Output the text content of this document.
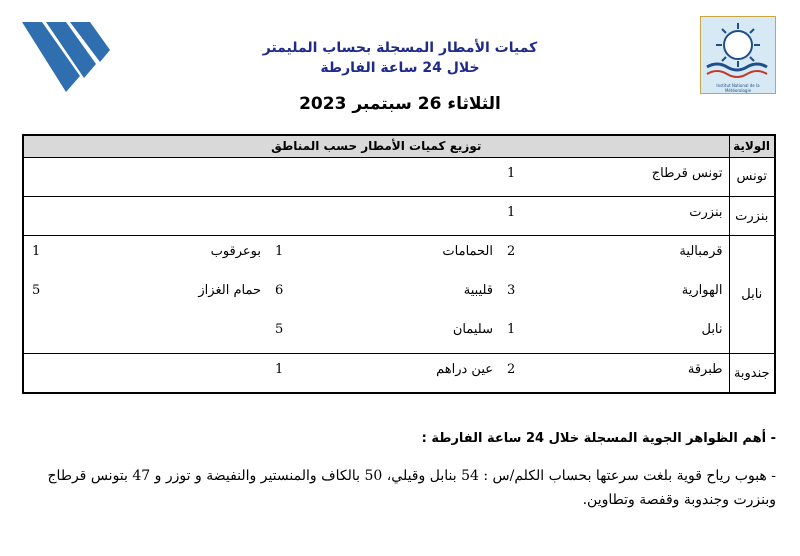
Institut National de la Météorologie
كميات الأمطار المسجلة بحساب المليمتر
خلال 24 ساعة الفارطة
الثلاثاء 26 سبتمبر 2023
الولاية	توزيع كميات الأمطار حسب المناطق					
تونس	تونس قرطاج	1				
بنزرت	بنزرت	1				
نابل	قرمبالية	2	الحمامات	1	بوعرقوب	1
	الهوارية	3	قليبية	6	حمام الغزاز	5
	نابل	1	سليمان	5		
جندوبة	طبرقة	2	عين دراهم	1		
- أهم الظواهر الجوية المسجلة خلال 24 ساعة الفارطة :
- هبوب رياح قوية بلغت سرعتها بحساب الكلم/س : 54 بنابل وقيلي، 50 بالكاف والمنستير والنفيضة و توزر و 47 بتونس قرطاج وبنزرت وجندوبة وقفصة وتطاوين.
